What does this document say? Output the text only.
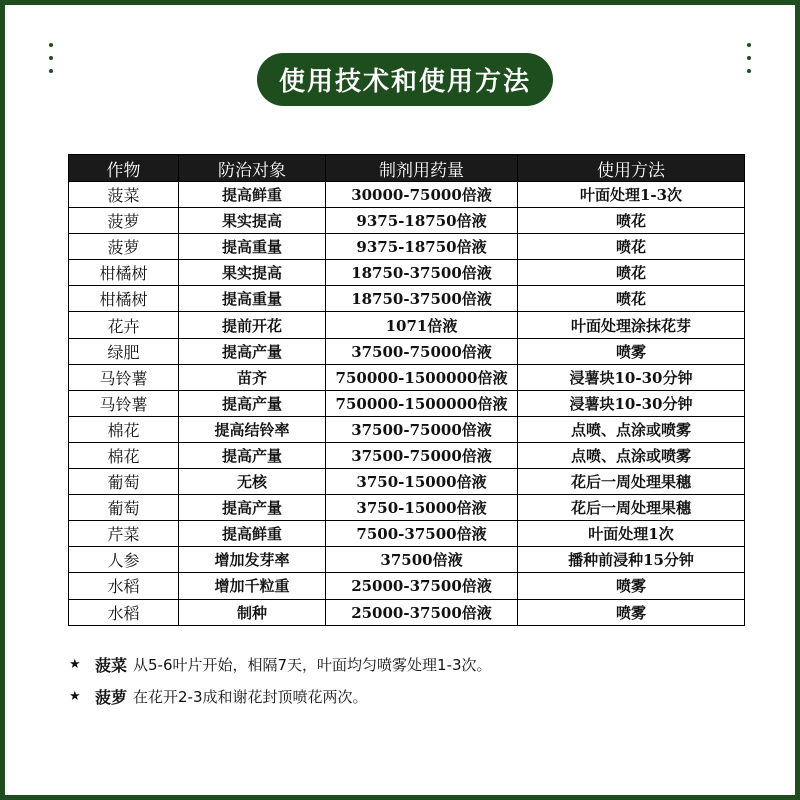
使用技术和使用方法
作物	防治对象	制剂用药量	使用方法
菠菜	提高鲜重	30000-75000倍液	叶面处理1-3次
菠萝	果实提高	9375-18750倍液	喷花
菠萝	提高重量	9375-18750倍液	喷花
柑橘树	果实提高	18750-37500倍液	喷花
柑橘树	提高重量	18750-37500倍液	喷花
花卉	提前开花	1071倍液	叶面处理涂抹花芽
绿肥	提高产量	37500-75000倍液	喷雾
马铃薯	苗齐	750000-1500000倍液	浸薯块10-30分钟
马铃薯	提高产量	750000-1500000倍液	浸薯块10-30分钟
棉花	提高结铃率	37500-75000倍液	点喷、点涂或喷雾
棉花	提高产量	37500-75000倍液	点喷、点涂或喷雾
葡萄	无核	3750-15000倍液	花后一周处理果穗
葡萄	提高产量	3750-15000倍液	花后一周处理果穗
芹菜	提高鲜重	7500-37500倍液	叶面处理1次
人参	增加发芽率	37500倍液	播种前浸种15分钟
水稻	增加千粒重	25000-37500倍液	喷雾
水稻	制种	25000-37500倍液	喷雾
★ 菠菜 从5-6叶片开始，相隔7天，叶面均匀喷雾处理1-3次。
★ 菠萝 在花开2-3成和谢花封顶喷花两次。
